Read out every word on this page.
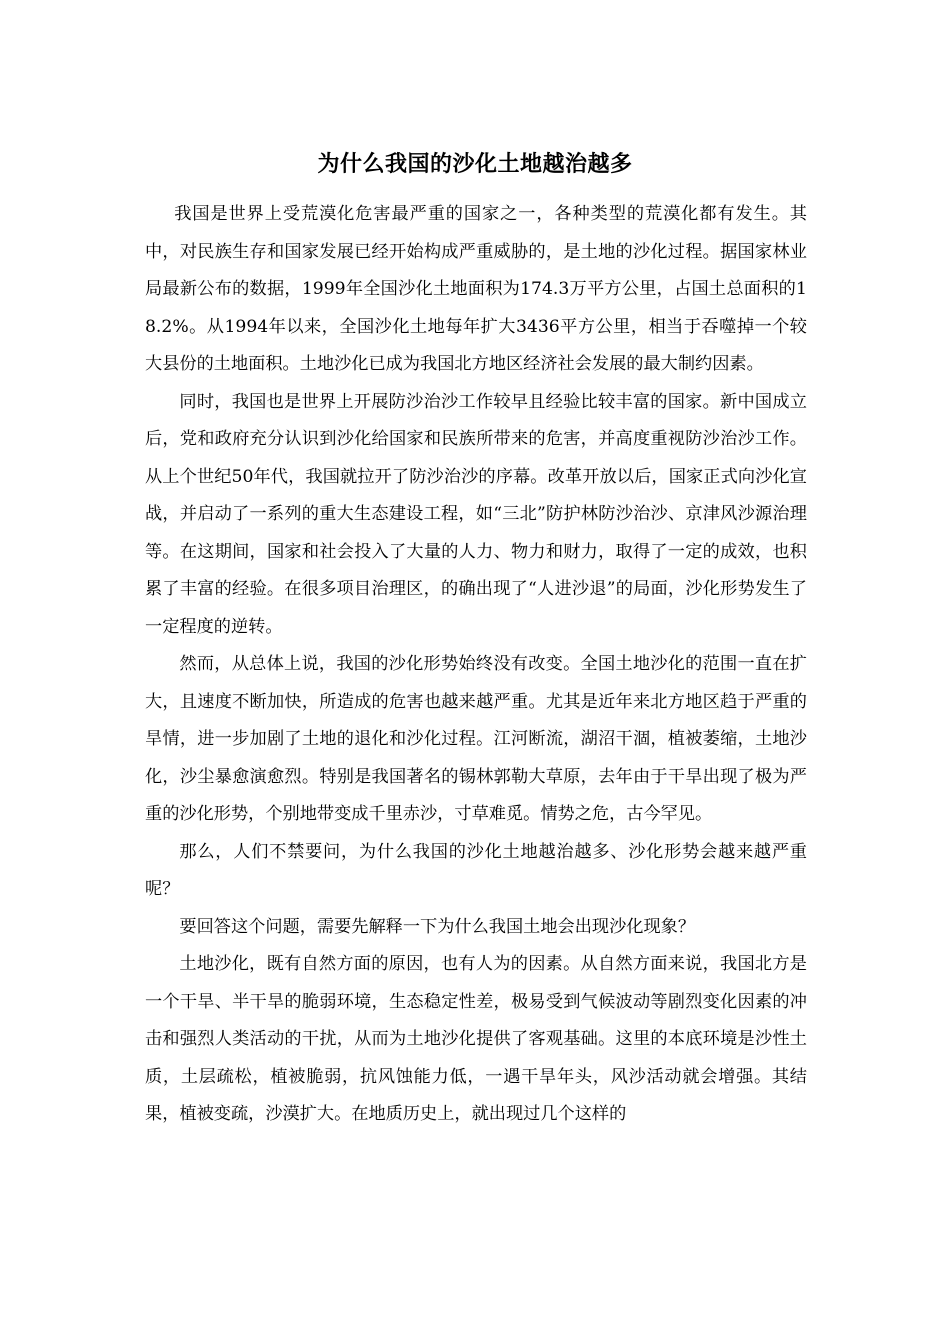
为什么我国的沙化土地越治越多

我国是世界上受荒漠化危害最严重的国家之一，各种类型的荒漠化都有发生。其中，对民族生存和国家发展已经开始构成严重威胁的，是土地的沙化过程。据国家林业局最新公布的数据，1999年全国沙化土地面积为174.3万平方公里，占国土总面积的18.2%。从1994年以来，全国沙化土地每年扩大3436平方公里，相当于吞噬掉一个较大县份的土地面积。土地沙化已成为我国北方地区经济社会发展的最大制约因素。

同时，我国也是世界上开展防沙治沙工作较早且经验比较丰富的国家。新中国成立后，党和政府充分认识到沙化给国家和民族所带来的危害，并高度重视防沙治沙工作。从上个世纪50年代，我国就拉开了防沙治沙的序幕。改革开放以后，国家正式向沙化宣战，并启动了一系列的重大生态建设工程，如“三北”防护林防沙治沙、京津风沙源治理等。在这期间，国家和社会投入了大量的人力、物力和财力，取得了一定的成效，也积累了丰富的经验。在很多项目治理区，的确出现了“人进沙退”的局面，沙化形势发生了一定程度的逆转。

然而，从总体上说，我国的沙化形势始终没有改变。全国土地沙化的范围一直在扩大，且速度不断加快，所造成的危害也越来越严重。尤其是近年来北方地区趋于严重的旱情，进一步加剧了土地的退化和沙化过程。江河断流，湖沼干涸，植被萎缩，土地沙化，沙尘暴愈演愈烈。特别是我国著名的锡林郭勒大草原，去年由于干旱出现了极为严重的沙化形势，个别地带变成千里赤沙，寸草难觅。情势之危，古今罕见。

那么，人们不禁要问，为什么我国的沙化土地越治越多、沙化形势会越来越严重呢？

要回答这个问题，需要先解释一下为什么我国土地会出现沙化现象？

土地沙化，既有自然方面的原因，也有人为的因素。从自然方面来说，我国北方是一个干旱、半干旱的脆弱环境，生态稳定性差，极易受到气候波动等剧烈变化因素的冲击和强烈人类活动的干扰，从而为土地沙化提供了客观基础。这里的本底环境是沙性土质，土层疏松，植被脆弱，抗风蚀能力低，一遇干旱年头，风沙活动就会增强。其结果，植被变疏，沙漠扩大。在地质历史上，就出现过几个这样的
